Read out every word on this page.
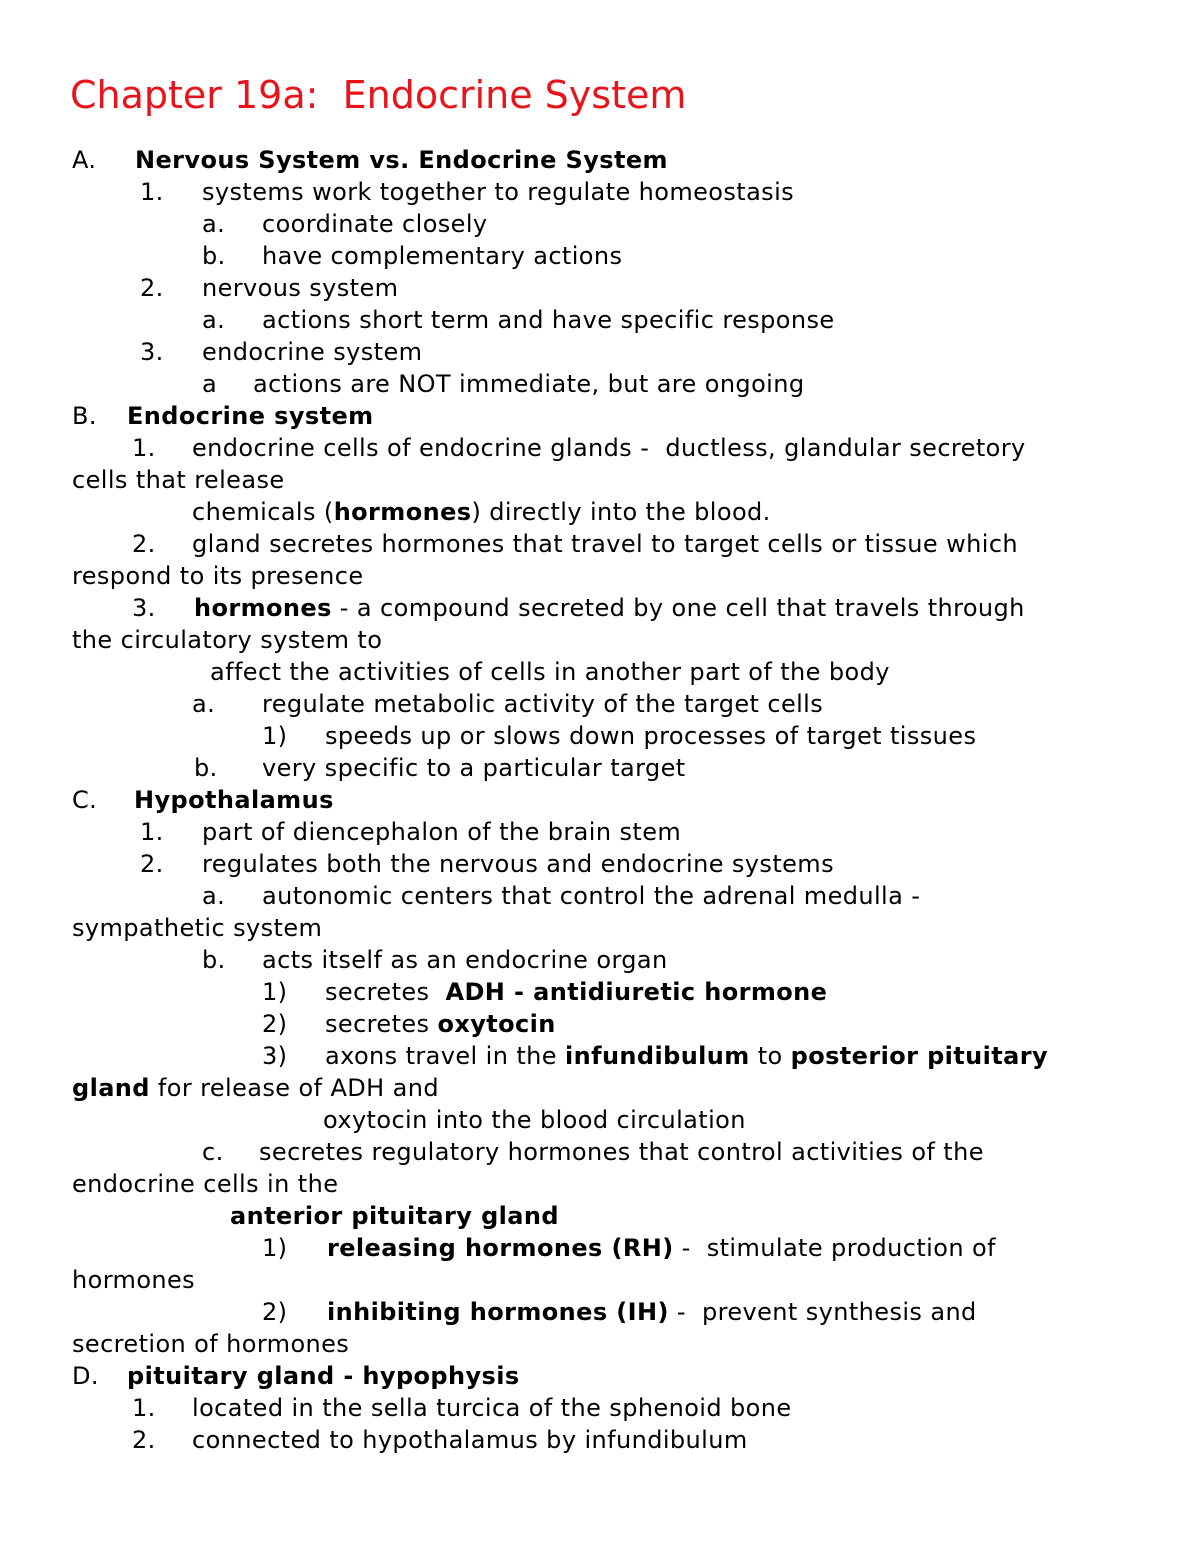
Chapter 19a:  Endocrine System

A.

Nervous System vs. Endocrine System

1.

systems work together to regulate homeostasis

a.

coordinate closely

b.

have complementary actions

2.

nervous system

a.

actions short term and have specific response

3.

endocrine system

a

actions are NOT immediate, but are ongoing

B.

Endocrine system

1.

endocrine cells of endocrine glands -  ductless, glandular secretory

cells that release

chemicals (hormones) directly into the blood.

2.

gland secretes hormones that travel to target cells or tissue which

respond to its presence

3.

hormones - a compound secreted by one cell that travels through

the circulatory system to

affect the activities of cells in another part of the body

a.

regulate metabolic activity of the target cells

1)

speeds up or slows down processes of target tissues

b.

very specific to a particular target

C.

Hypothalamus

1.

part of diencephalon of the brain stem

2.

regulates both the nervous and endocrine systems

a.

autonomic centers that control the adrenal medulla -

sympathetic system

b.

acts itself as an endocrine organ

1)

secretes  ADH - antidiuretic hormone

2)

secretes oxytocin

3)

axons travel in the infundibulum to posterior pituitary

gland for release of ADH and

oxytocin into the blood circulation

c.

secretes regulatory hormones that control activities of the

endocrine cells in the

anterior pituitary gland

1)

releasing hormones (RH) -  stimulate production of

hormones

2)

inhibiting hormones (IH) -  prevent synthesis and

secretion of hormones

D.

pituitary gland - hypophysis

1.

located in the sella turcica of the sphenoid bone

2.

connected to hypothalamus by infundibulum
